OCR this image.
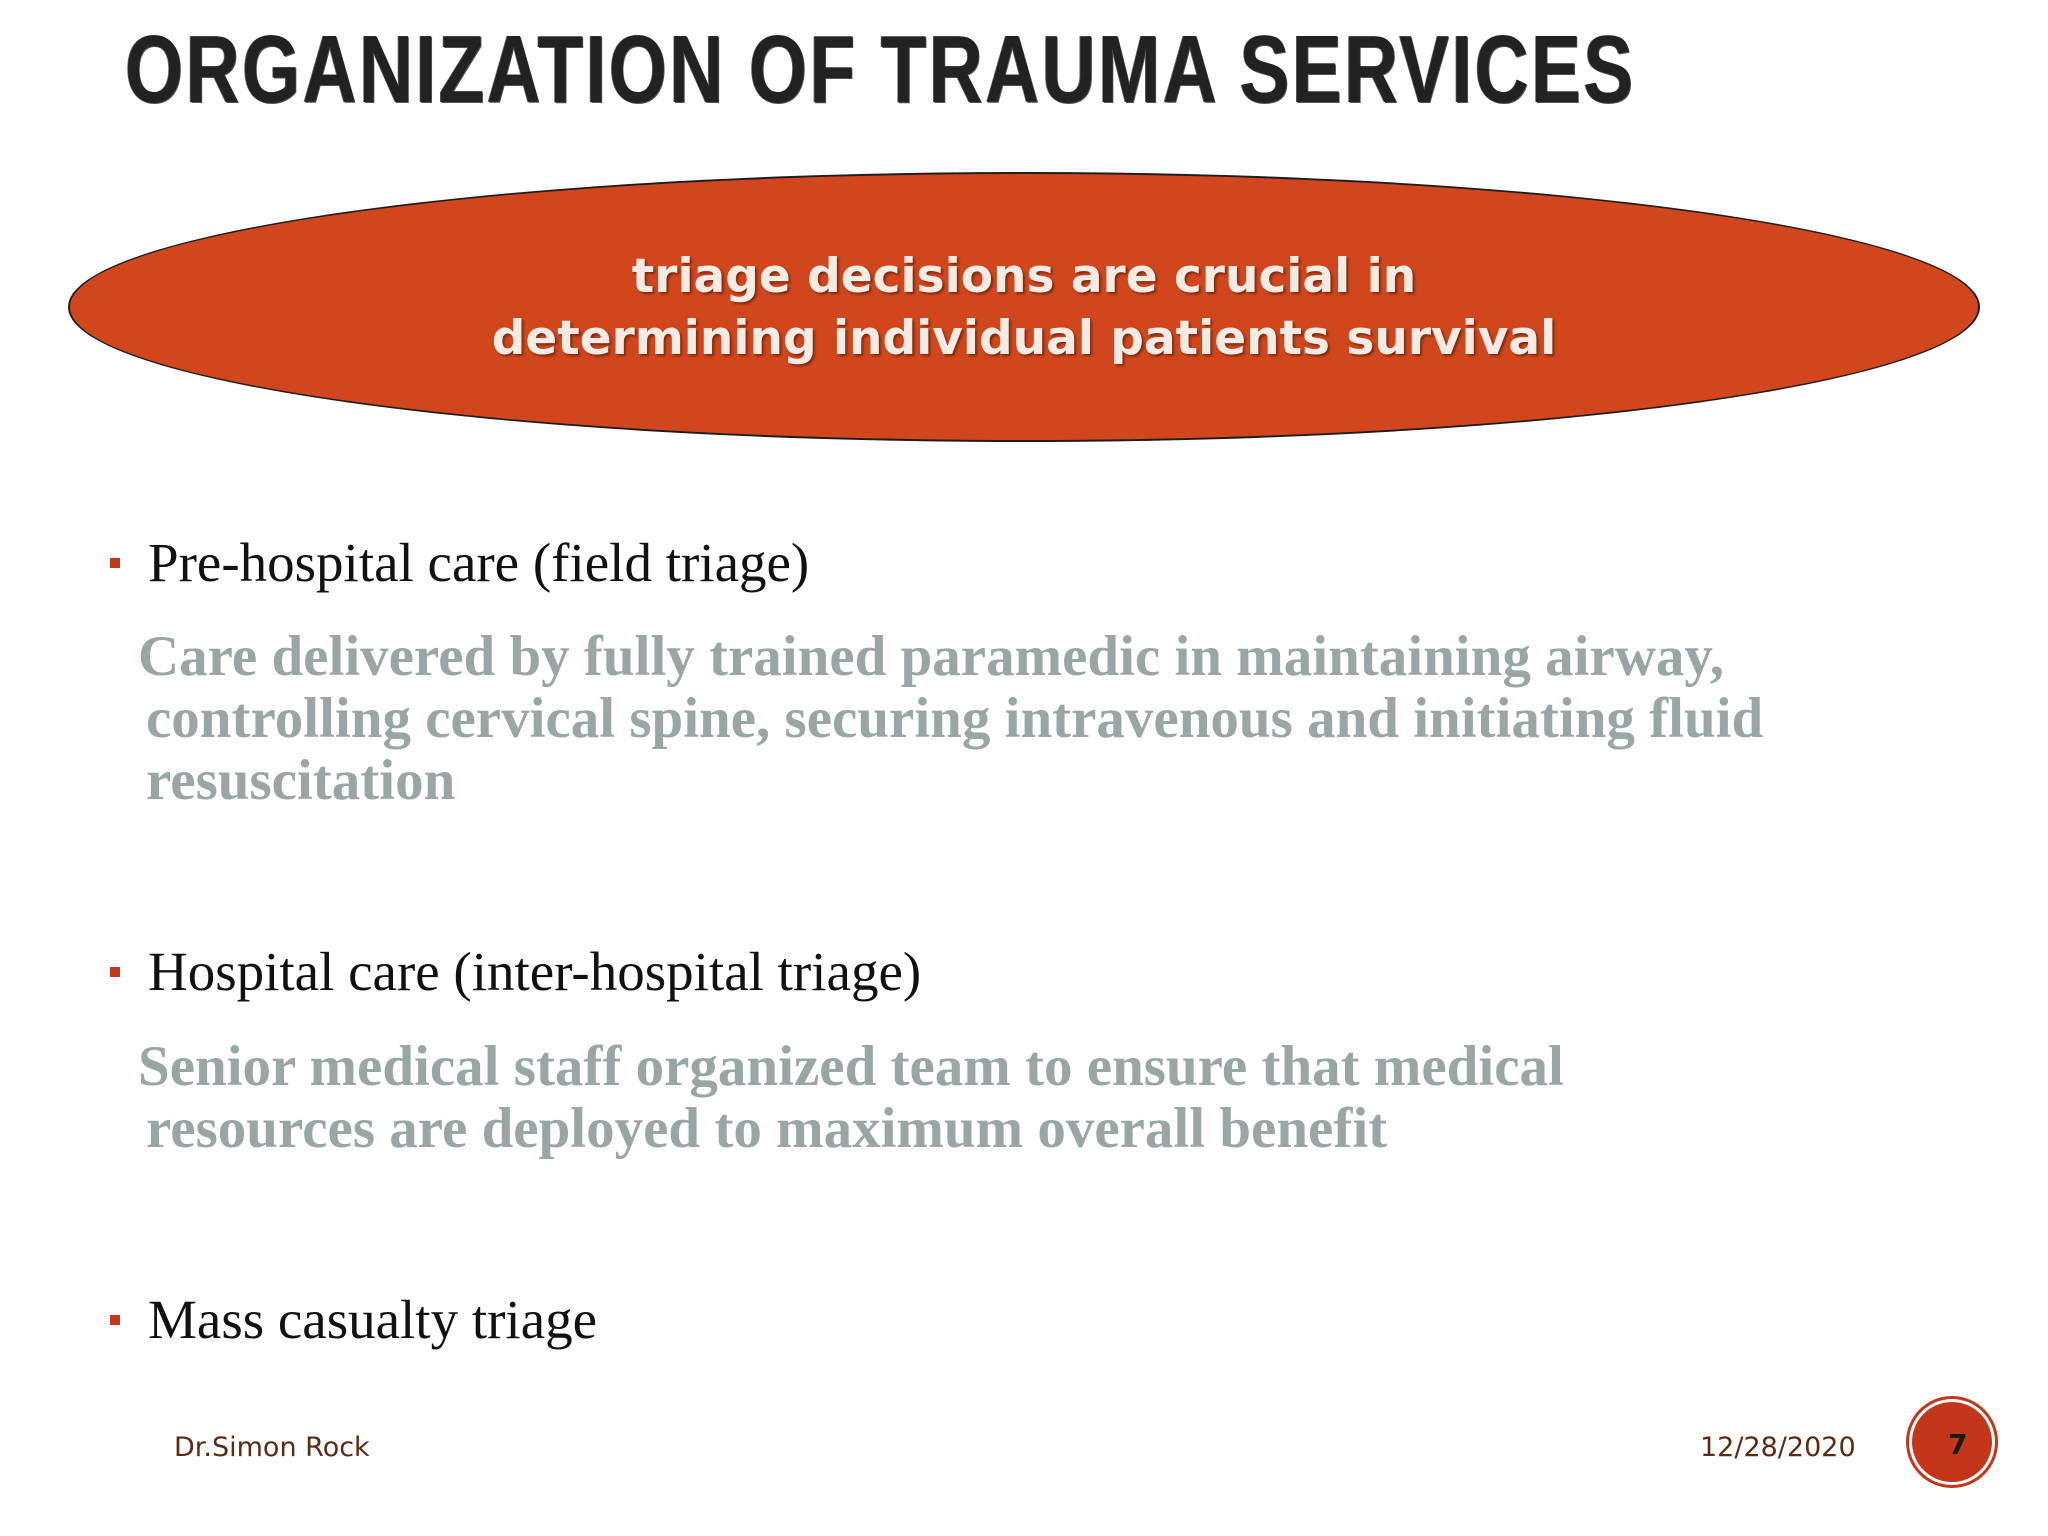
ORGANIZATION OF TRAUMA SERVICES
triage decisions are crucial in
determining individual patients survival
Pre-hospital care (field triage)
Care delivered by fully trained paramedic in maintaining airway,
controlling cervical spine, securing intravenous and initiating fluid
resuscitation
Hospital care (inter-hospital triage)
Senior medical staff organized team to ensure that medical
resources are deployed to maximum overall benefit
Mass casualty triage
Dr.Simon Rock	12/28/2020	7
